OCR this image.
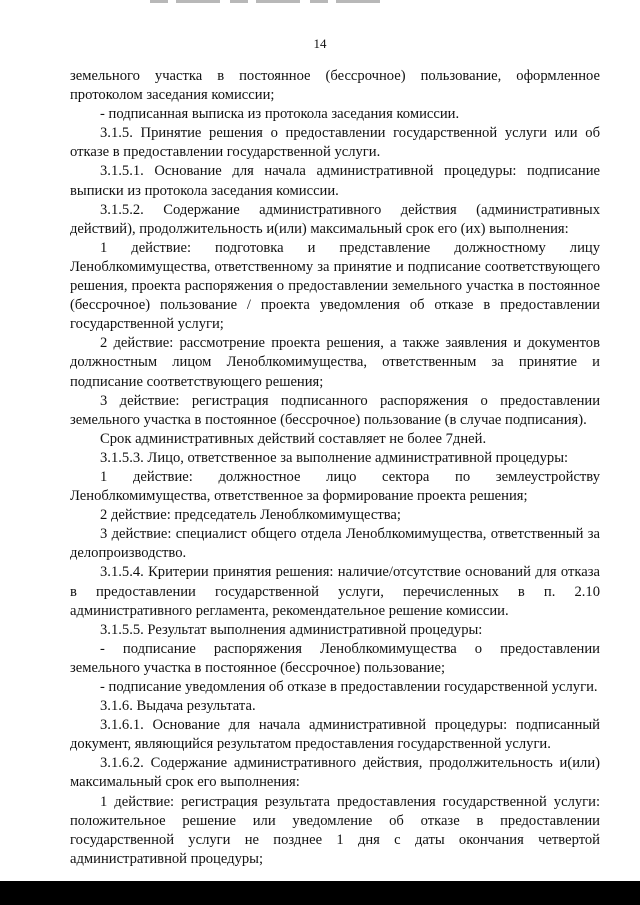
14

земельного участка в постоянное (бессрочное) пользование, оформленное протоколом заседания комиссии;

- подписанная выписка из протокола заседания комиссии.

3.1.5. Принятие решения о предоставлении государственной услуги или об отказе в предоставлении государственной услуги.

3.1.5.1. Основание для начала административной процедуры: подписание выписки из протокола заседания комиссии.

3.1.5.2. Содержание административного действия (административных действий), продолжительность и(или) максимальный срок его (их) выполнения:

1 действие: подготовка и представление должностному лицу Леноблкомимущества, ответственному за принятие и подписание соответствующего решения, проекта распоряжения о предоставлении земельного участка в постоянное (бессрочное) пользование / проекта уведомления об отказе в предоставлении государственной услуги;

2 действие: рассмотрение проекта решения, а также заявления и документов должностным лицом Леноблкомимущества, ответственным за принятие и подписание соответствующего решения;

3 действие: регистрация подписанного распоряжения о предоставлении земельного участка в постоянное (бессрочное) пользование (в случае подписания).

Срок административных действий составляет не более 7дней.

3.1.5.3. Лицо, ответственное за выполнение административной процедуры:

1 действие: должностное лицо сектора по землеустройству Леноблкомимущества, ответственное за формирование проекта решения;

2 действие: председатель Леноблкомимущества;

3 действие: специалист общего отдела Леноблкомимущества, ответственный за делопроизводство.

3.1.5.4. Критерии принятия решения: наличие/отсутствие оснований для отказа в предоставлении государственной услуги, перечисленных в п. 2.10 административного регламента, рекомендательное решение комиссии.

3.1.5.5. Результат выполнения административной процедуры:

- подписание распоряжения Леноблкомимущества о предоставлении земельного участка в постоянное (бессрочное) пользование;

- подписание уведомления об отказе в предоставлении государственной услуги.

3.1.6. Выдача результата.

3.1.6.1. Основание для начала административной процедуры: подписанный документ, являющийся результатом предоставления государственной услуги.

3.1.6.2. Содержание административного действия, продолжительность и(или) максимальный срок его выполнения:

1 действие: регистрация результата предоставления государственной услуги: положительное решение или уведомление об отказе в предоставлении государственной услуги не позднее 1 дня с даты окончания четвертой административной процедуры;
